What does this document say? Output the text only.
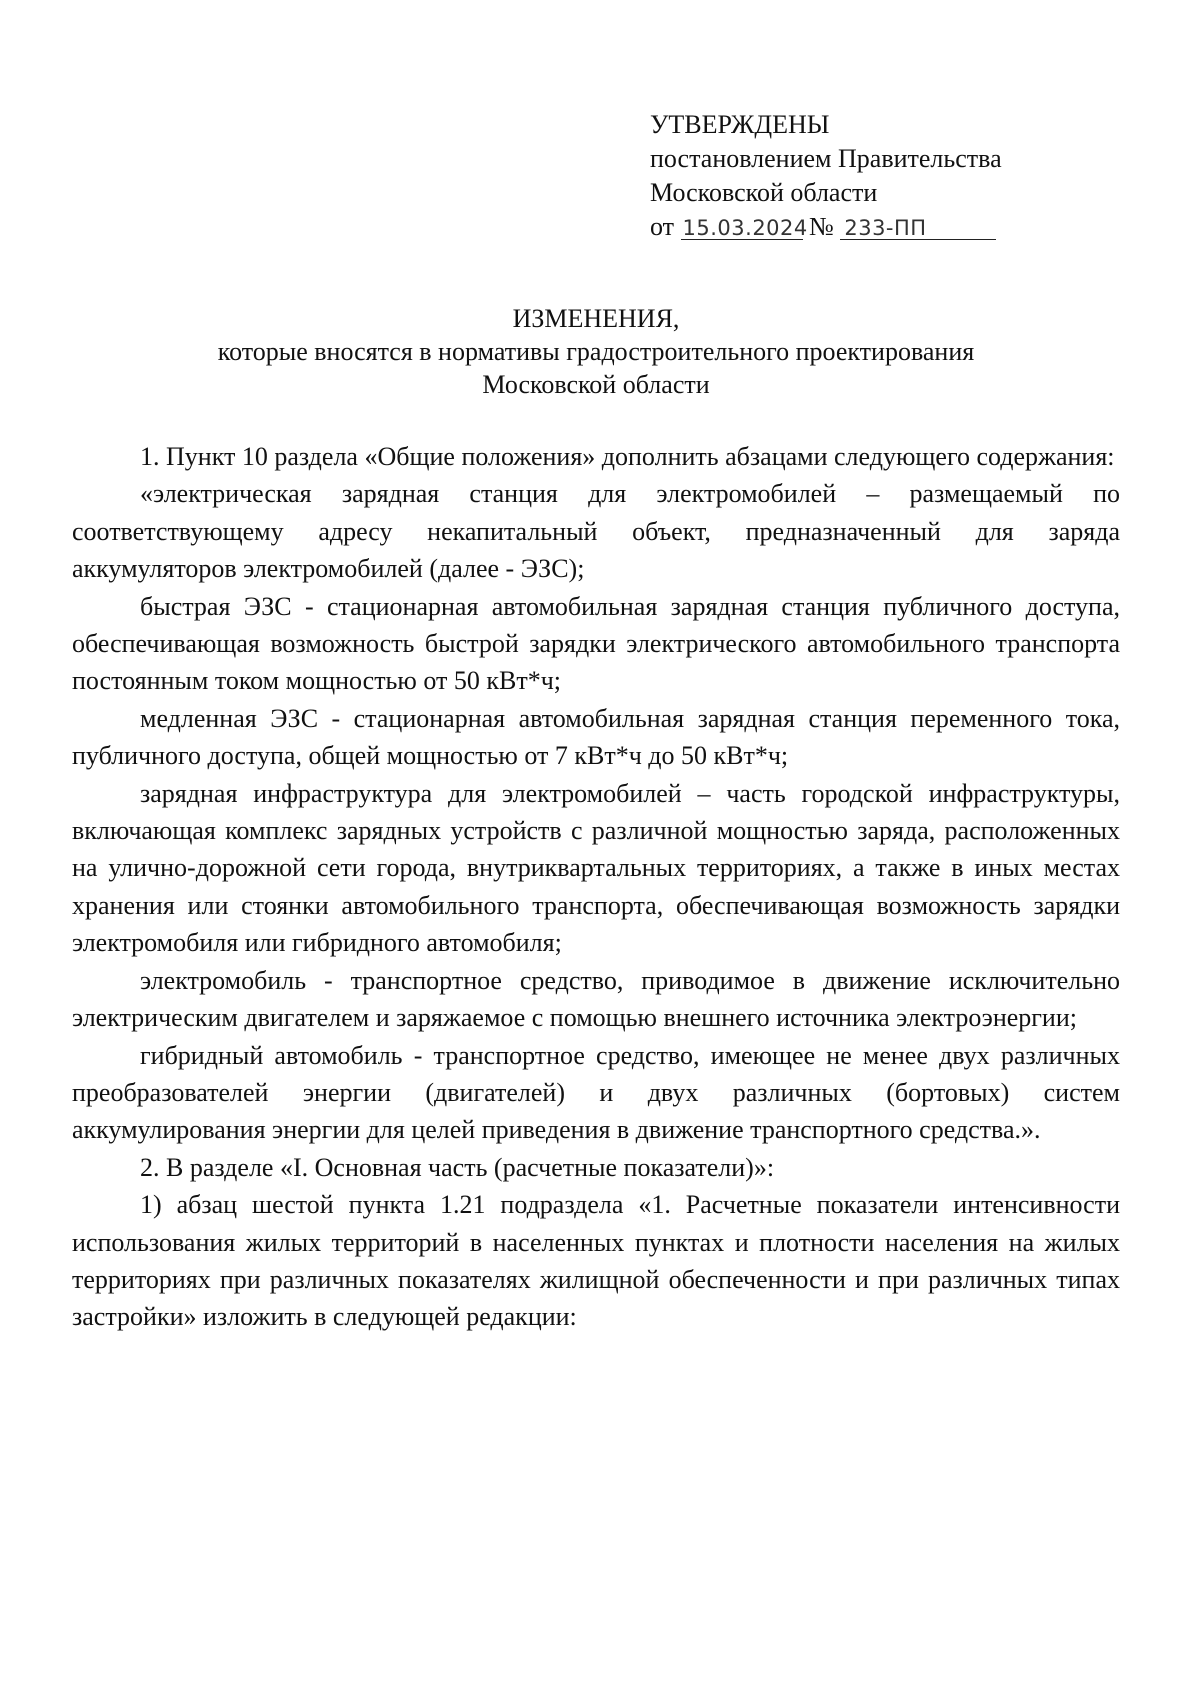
УТВЕРЖДЕНЫ
постановлением Правительства
Московской области
от 15.03.2024 № 233-ПП
ИЗМЕНЕНИЯ,
которые вносятся в нормативы градостроительного проектирования
Московской области

1. Пункт 10 раздела «Общие положения» дополнить абзацами следующего содержания:

«электрическая зарядная станция для электромобилей – размещаемый по соответствующему адресу некапитальный объект, предназначенный для заряда аккумуляторов электромобилей (далее - ЭЗС);

быстрая ЭЗС - стационарная автомобильная зарядная станция публичного доступа, обеспечивающая возможность быстрой зарядки электрического автомобильного транспорта постоянным током мощностью от 50 кВт*ч;

медленная ЭЗС - стационарная автомобильная зарядная станция переменного тока, публичного доступа, общей мощностью от 7 кВт*ч до 50 кВт*ч;

зарядная инфраструктура для электромобилей – часть городской инфраструктуры, включающая комплекс зарядных устройств с различной мощностью заряда, расположенных на улично-дорожной сети города, внутриквартальных территориях, а также в иных местах хранения или стоянки автомобильного транспорта, обеспечивающая возможность зарядки электромобиля или гибридного автомобиля;

электромобиль - транспортное средство, приводимое в движение исключительно электрическим двигателем и заряжаемое с помощью внешнего источника электроэнергии;

гибридный автомобиль - транспортное средство, имеющее не менее двух различных преобразователей энергии (двигателей) и двух различных (бортовых) систем аккумулирования энергии для целей приведения в движение транспортного средства.».

2. В разделе «I. Основная часть (расчетные показатели)»:

1) абзац шестой пункта 1.21 подраздела «1. Расчетные показатели интенсивности использования жилых территорий в населенных пунктах и плотности населения на жилых территориях при различных показателях жилищной обеспеченности и при различных типах застройки» изложить в следующей редакции:
